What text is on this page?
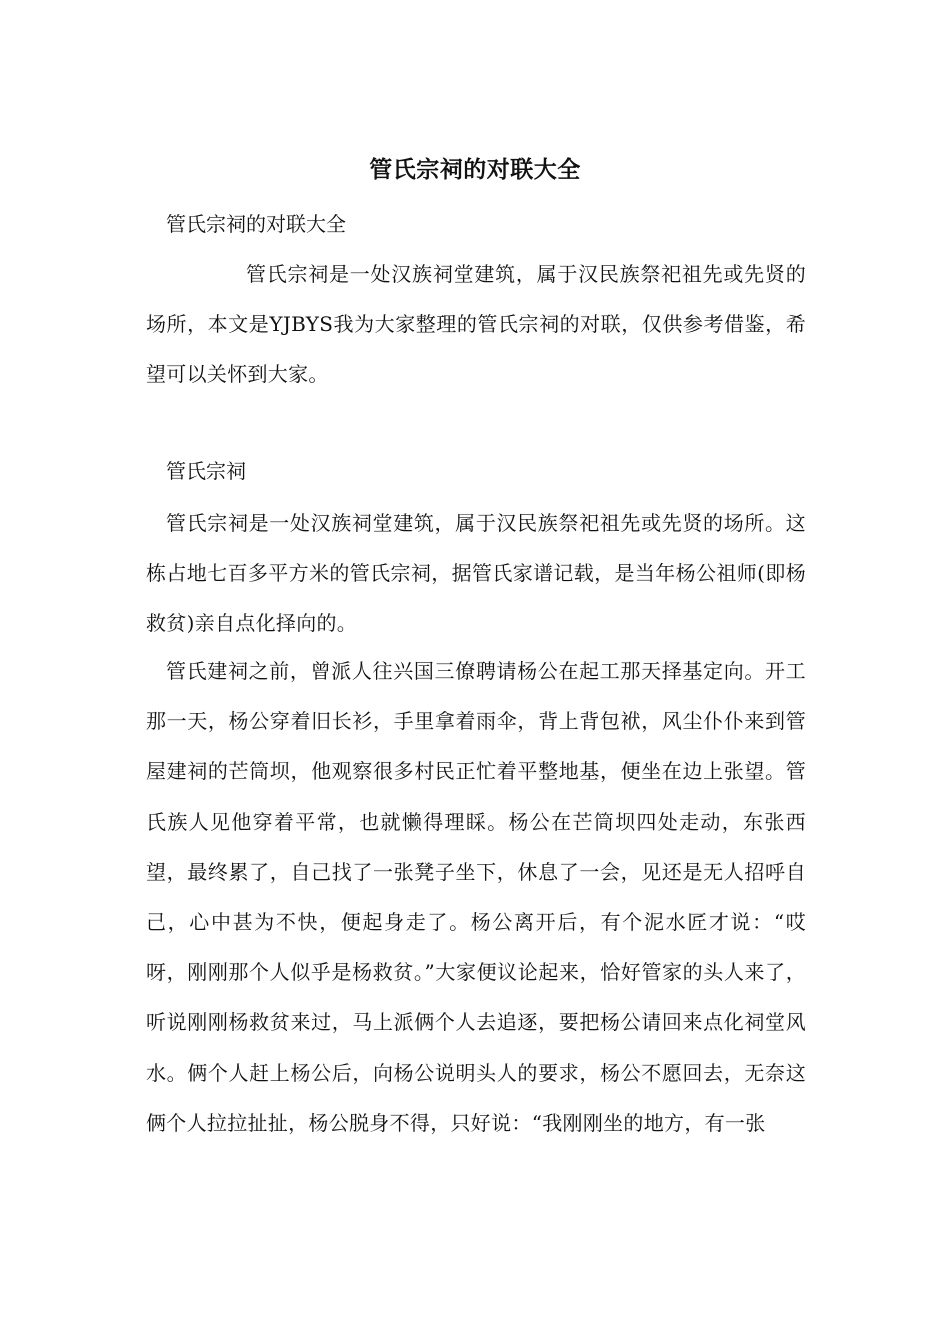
管氏宗祠的对联大全
管氏宗祠的对联大全
管氏宗祠是一处汉族祠堂建筑，属于汉民族祭祀祖先或先贤的场所，本文是YJBYS我为大家整理的管氏宗祠的对联，仅供参考借鉴，希望可以关怀到大家。
管氏宗祠
管氏宗祠是一处汉族祠堂建筑，属于汉民族祭祀祖先或先贤的场所。这栋占地七百多平方米的管氏宗祠，据管氏家谱记载，是当年杨公祖师(即杨救贫)亲自点化择向的。
管氏建祠之前，曾派人往兴国三僚聘请杨公在起工那天择基定向。开工那一天，杨公穿着旧长衫，手里拿着雨伞，背上背包袱，风尘仆仆来到管屋建祠的芒筒坝，他观察很多村民正忙着平整地基，便坐在边上张望。管氏族人见他穿着平常，也就懒得理睬。杨公在芒筒坝四处走动，东张西望，最终累了，自己找了一张凳子坐下，休息了一会，见还是无人招呼自己，心中甚为不快，便起身走了。杨公离开后，有个泥水匠才说：“哎呀，刚刚那个人似乎是杨救贫。”大家便议论起来，恰好管家的头人来了，听说刚刚杨救贫来过，马上派俩个人去追逐，要把杨公请回来点化祠堂风水。俩个人赶上杨公后，向杨公说明头人的要求，杨公不愿回去，无奈这俩个人拉拉扯扯，杨公脱身不得，只好说：“我刚刚坐的地方，有一张
